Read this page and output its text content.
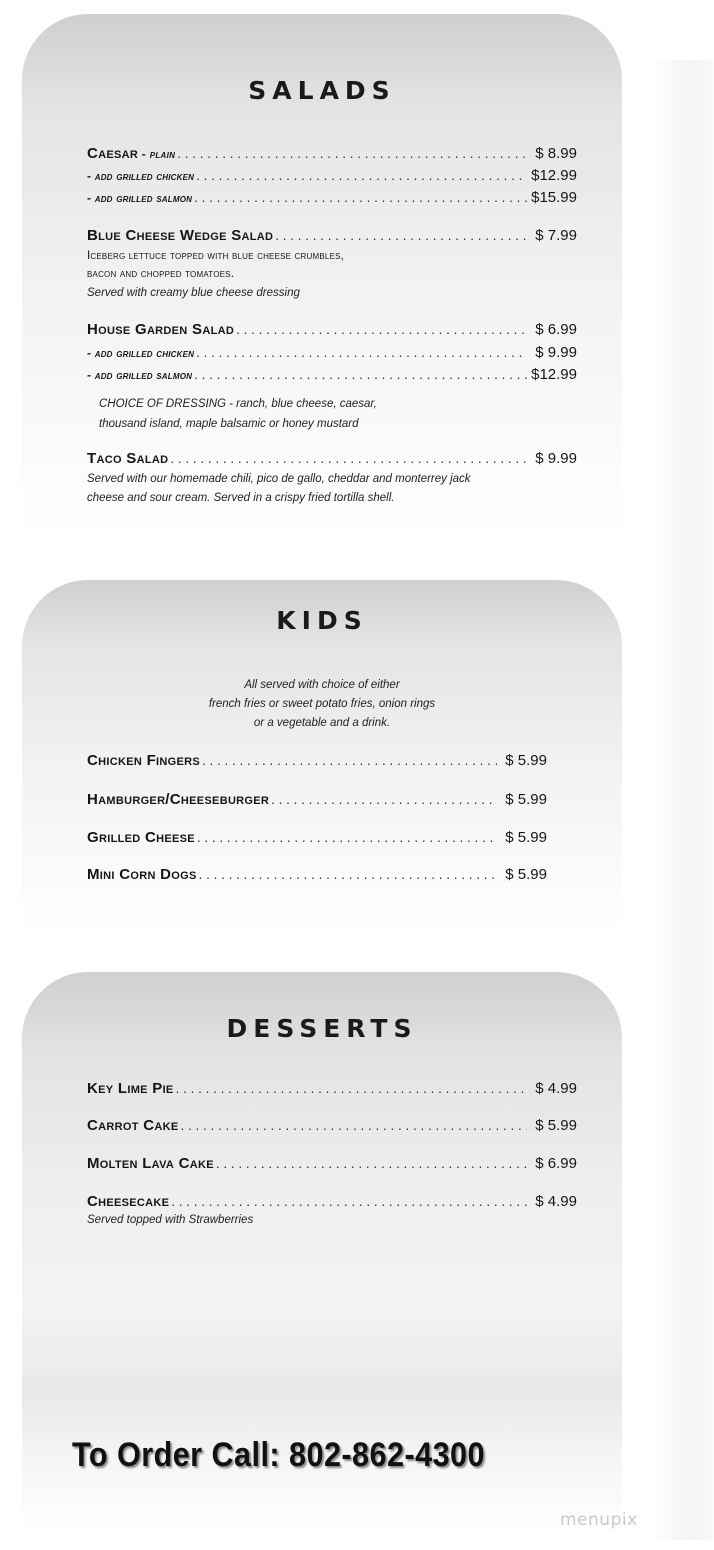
SALADS
Caesar - plain . . .	$ 8.99
- add grilled chicken . . .	$12.99
- add grilled salmon . . .	$15.99
Blue Cheese Wedge Salad . . .	$ 7.99
Iceberg lettuce topped with blue cheese crumbles,
bacon and chopped tomatoes.
Served with creamy blue cheese dressing
House Garden Salad . . .	$ 6.99
- add grilled chicken . . .	$ 9.99
- add grilled salmon . . .	$12.99
CHOICE OF DRESSING - ranch, blue cheese, caesar,
thousand island, maple balsamic or honey mustard
Taco Salad . . .	$ 9.99
Served with our homemade chili, pico de gallo, cheddar and monterrey jack
cheese and sour cream. Served in a crispy fried tortilla shell.
KIDS
All served with choice of either
french fries or sweet potato fries, onion rings
or a vegetable and a drink.
Chicken Fingers . . .	$ 5.99
Hamburger/Cheeseburger . . .	$ 5.99
Grilled Cheese . . .	$ 5.99
Mini Corn Dogs . . .	$ 5.99
DESSERTS
Key Lime Pie . . .	$ 4.99
Carrot Cake . . .	$ 5.99
Molten Lava Cake . . .	$ 6.99
Cheesecake . . .	$ 4.99
Served topped with Strawberries
To Order Call: 802-862-4300
menupix
